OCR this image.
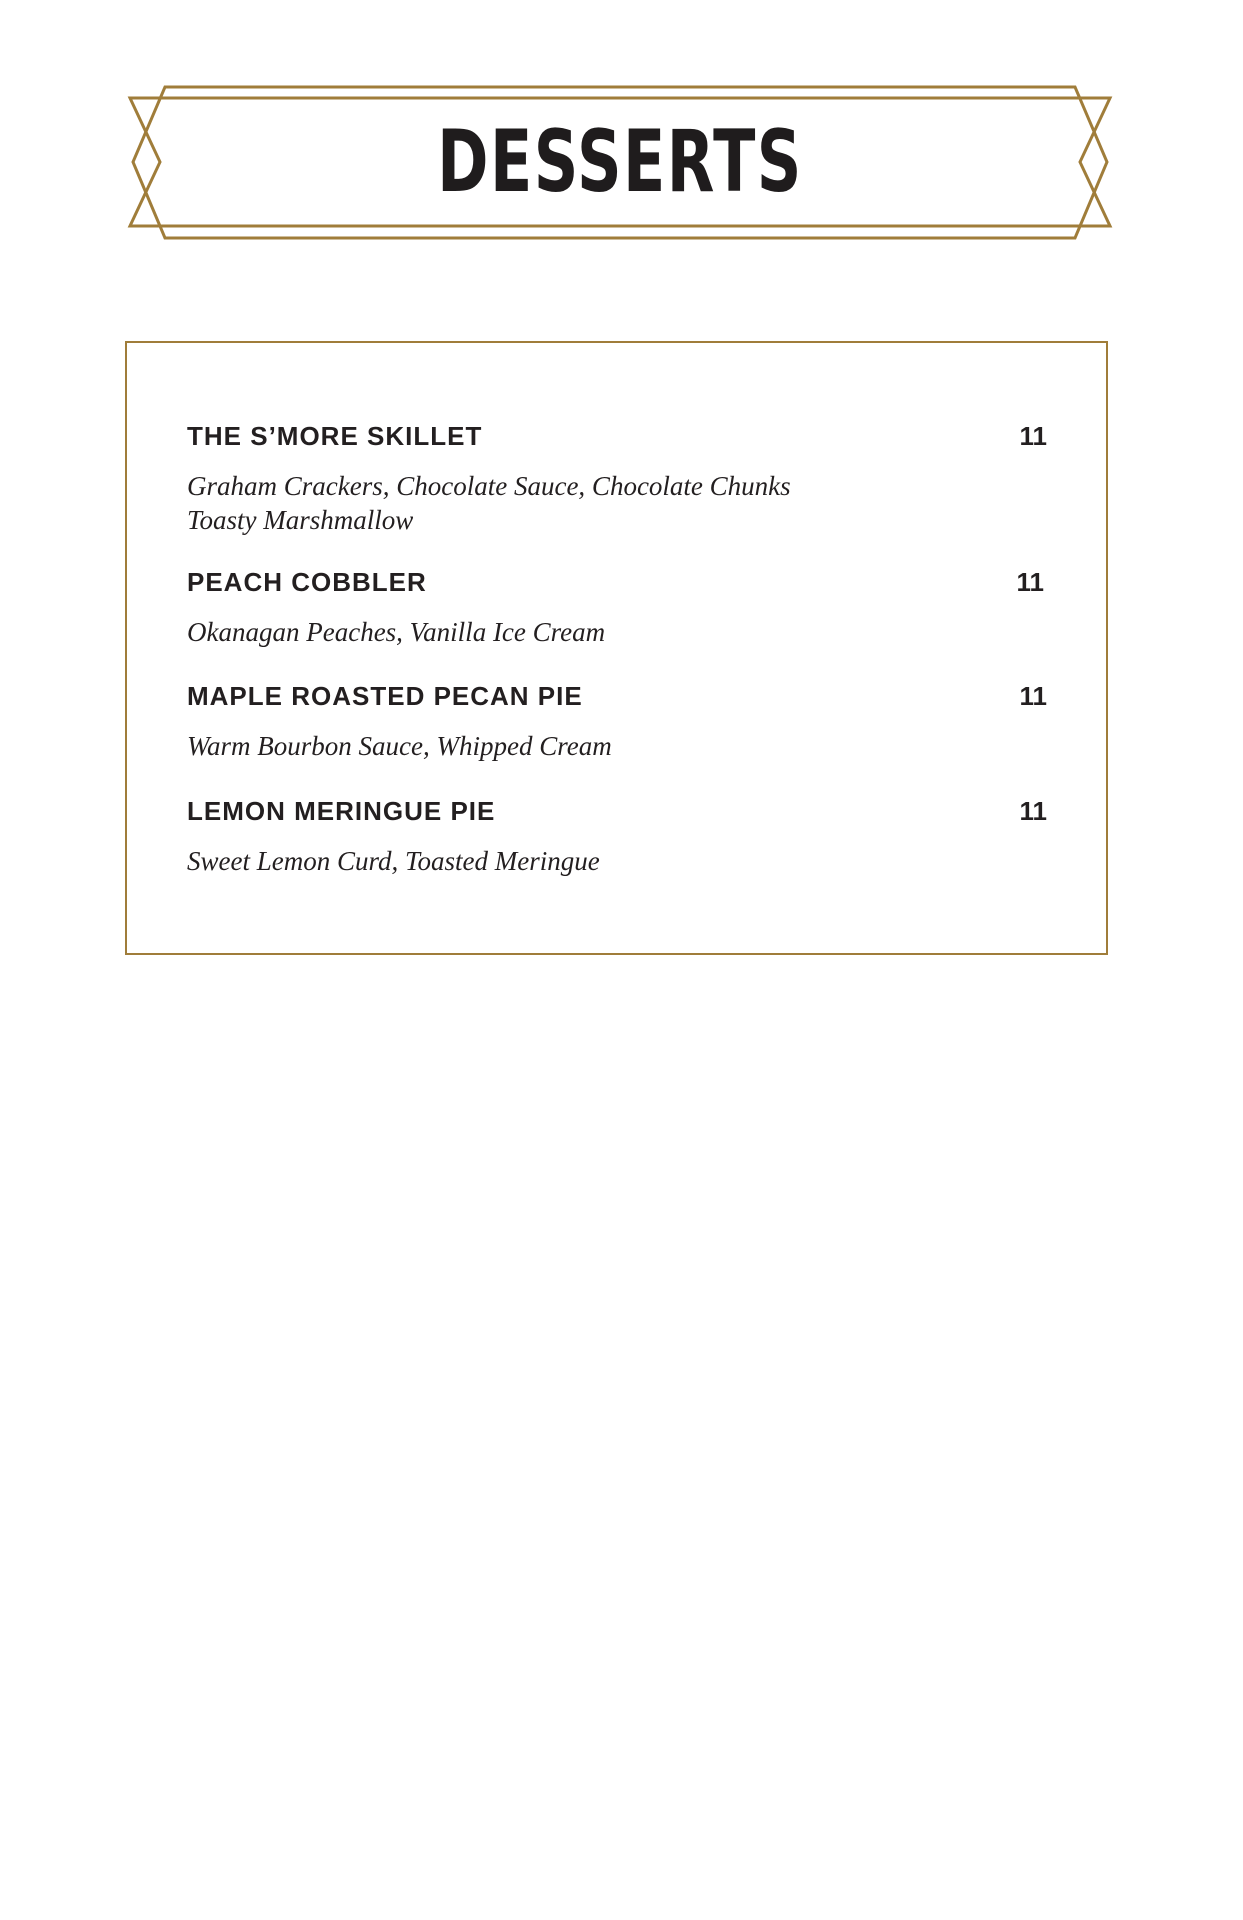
DESSERTS
THE S’MORE SKILLET	11
Graham Crackers, Chocolate Sauce, Chocolate Chunks
Toasty Marshmallow
PEACH COBBLER	11
Okanagan Peaches, Vanilla Ice Cream
MAPLE ROASTED PECAN PIE	11
Warm Bourbon Sauce, Whipped Cream
LEMON MERINGUE PIE	11
Sweet Lemon Curd, Toasted Meringue
